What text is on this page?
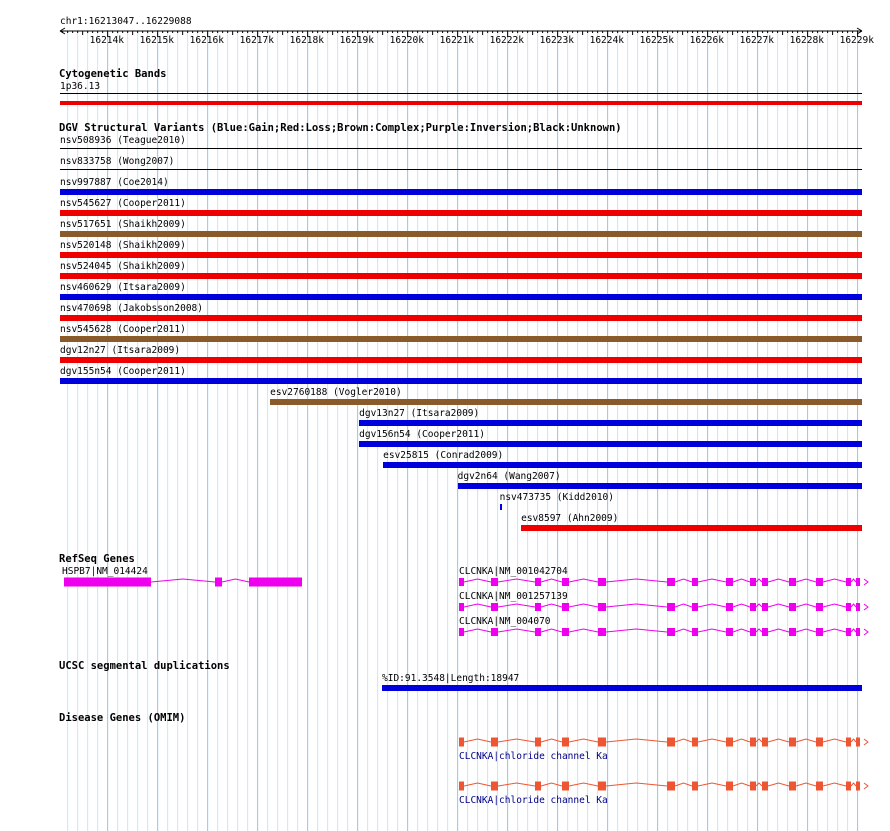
chr1:16213047..16229088
16214k 16215k 16216k 16217k 16218k 16219k 16220k 16221k 16222k 16223k 16224k 16225k 16226k 16227k 16228k 16229k
Cytogenetic Bands
1p36.13
DGV Structural Variants (Blue:Gain;Red:Loss;Brown:Complex;Purple:Inversion;Black:Unknown)
nsv508936 (Teague2010)
nsv833758 (Wong2007)
nsv997887 (Coe2014)
nsv545627 (Cooper2011)
nsv517651 (Shaikh2009)
nsv520148 (Shaikh2009)
nsv524045 (Shaikh2009)
nsv460629 (Itsara2009)
nsv470698 (Jakobsson2008)
nsv545628 (Cooper2011)
dgv12n27 (Itsara2009)
dgv155n54 (Cooper2011)
esv2760188 (Vogler2010)
dgv13n27 (Itsara2009)
dgv156n54 (Cooper2011)
esv25815 (Conrad2009)
dgv2n64 (Wang2007)
nsv473735 (Kidd2010)
esv8597 (Ahn2009)
RefSeq Genes
HSPB7|NM_014424	CLCNKA|NM_001042704
CLCNKA|NM_001257139
CLCNKA|NM_004070
UCSC segmental duplications
%ID:91.3548|Length:18947
Disease Genes (OMIM)
CLCNKA|chloride channel Ka
CLCNKA|chloride channel Ka
